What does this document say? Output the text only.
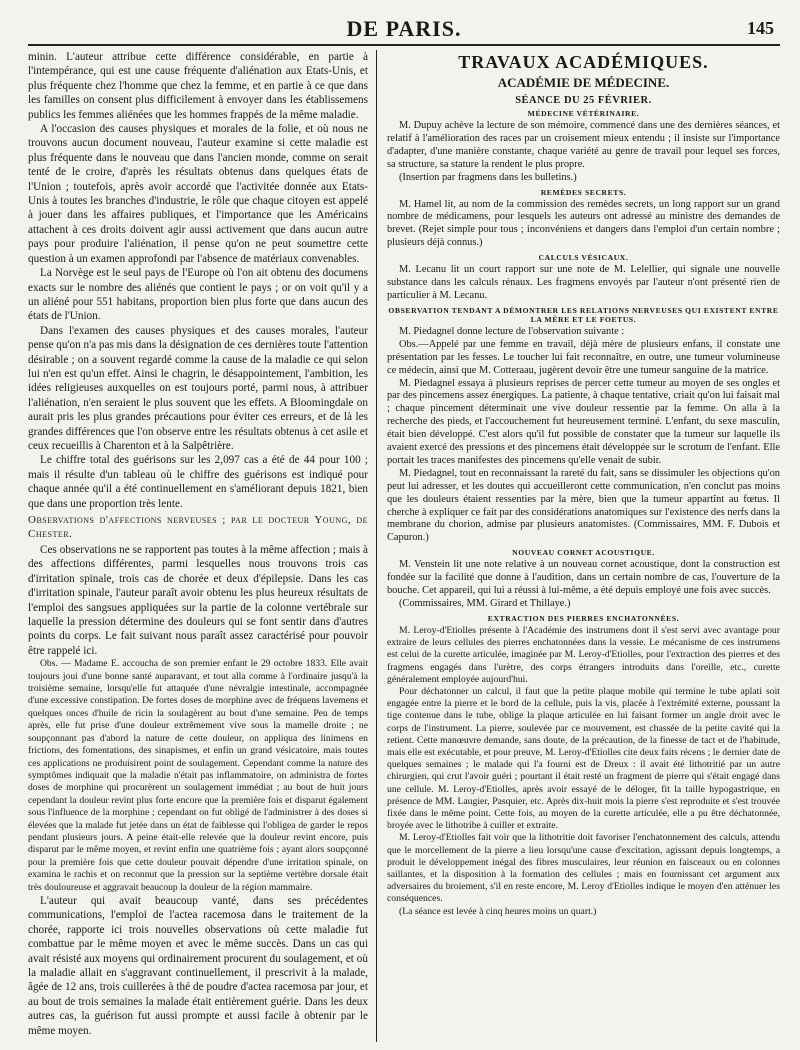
DE PARIS.	145

minin. L'auteur attribue cette différence considérable, en partie à l'intempérance, qui est une cause fréquente d'aliénation aux Etats-Unis, et plus fréquente chez l'homme que chez la femme, et en partie à ce que dans les familles on consent plus difficilement à envoyer dans les établissemens publics les femmes aliénées que les hommes frappés de la même maladie.

A l'occasion des causes physiques et morales de la folie, et où nous ne trouvons aucun document nouveau, l'auteur examine si cette maladie est plus fréquente dans le nouveau que dans l'ancien monde, comme on serait tenté de le croire, d'après les résultats obtenus dans quelques états de l'Union ; toutefois, après avoir accordé que l'activitée donnée aux Etats-Unis à toutes les branches d'industrie, le rôle que chaque citoyen est appelé à jouer dans les affaires publiques, et l'importance que les Américains attachent à ces droits doivent agir aussi activement que dans aucun autre pays pour produire l'aliénation, il pense qu'on ne peut soumettre cette question à un examen approfondi par l'absence de matériaux convenables.

La Norvège est le seul pays de l'Europe où l'on ait obtenu des documens exacts sur le nombre des aliénés que contient le pays ; or on voit qu'il y a un aliéné pour 551 habitans, proportion bien plus forte que dans aucun des états de l'Union.

Dans l'examen des causes physiques et des causes morales, l'auteur pense qu'on n'a pas mis dans la désignation de ces dernières toute l'attention désirable ; on a souvent regardé comme la cause de la maladie ce qui selon lui n'en est qu'un effet. Ainsi le chagrin, le désappointement, l'ambition, les idées religieuses auxquelles on est toujours porté, parmi nous, à attribuer l'aliénation, n'en seraient le plus souvent que les effets. A Bloomingdale on aurait pris les plus grandes précautions pour éviter ces erreurs, et de là les grandes différences que l'on observe entre les résultats obtenus à cet asile et ceux recueillis à Charenton et à la Salpêtrière.

Le chiffre total des guérisons sur les 2,097 cas a été de 44 pour 100 ; mais il résulte d'un tableau où le chiffre des guérisons est indiqué pour chaque année qu'il a été continuellement en s'améliorant depuis 1821, bien que dans une proportion très lente.

Observations d'affections nerveuses ; par le docteur Young, de Chester.

Ces observations ne se rapportent pas toutes à la même affection ; mais à des affections différentes, parmi lesquelles nous trouvons trois cas d'irritation spinale, trois cas de chorée et deux d'épilepsie. Dans les cas d'irritation spinale, l'auteur paraît avoir obtenu les plus heureux résultats de l'emploi des sangsues appliquées sur la partie de la colonne vertébrale sur laquelle la pression détermine des douleurs qui se font sentir dans d'autres points du corps. Le fait suivant nous paraît assez caractérisé pour pouvoir être rappelé ici.

Obs. — Madame E. accoucha de son premier enfant le 29 octobre 1833. Elle avait toujours joui d'une bonne santé auparavant, et tout alla comme à l'ordinaire jusqu'à la troisième semaine, lorsqu'elle fut attaquée d'une névralgie intestinale, accompagnée d'une excessive constipation. De fortes doses de morphine avec de fréquens lavemens et quelques onces d'huile de ricin la soulagèrent au bout d'une semaine. Peu de temps après, elle fut prise d'une douleur extrêmement vive sous la mamelle droite ; ne soupçonnant pas d'abord la nature de cette douleur, on appliqua des linimens en frictions, des fomentations, des sinapismes, et enfin un grand vésicatoire, mais toutes ces applications ne produisirent point de soulagement. Cependant comme la nature des symptômes indiquait que la maladie n'était pas inflammatoire, on administra de fortes doses de morphine qui procurèrent un soulagement immédiat ; au bout de huit jours cependant la douleur revint plus forte encore que la première fois et disparut également sous l'influence de la morphine ; cependant on fut obligé de l'administrer à des doses si élevées que la malade fut jetée dans un état de faiblesse qui l'obligea de garder le repos pendant plusieurs jours. A peine était-elle relevée que la douleur revint encore, puis disparut par le même moyen, et revint enfin une quatrième fois ; ayant alors soupçonné pour la première fois que cette douleur pouvait dépendre d'une irritation spinale, on examina le rachis et on reconnut que la pression sur la septième vertèbre dorsale était très douloureuse et aggravait beaucoup la douleur de la région mammaire.

L'auteur qui avait beaucoup vanté, dans ses précédentes communications, l'emploi de l'actea racemosa dans le traitement de la chorée, rapporte ici trois nouvelles observations où cette maladie fut combattue par le même moyen et avec le même succès. Dans un cas qui avait résisté aux moyens qui ordinairement procurent du soulagement, et où la maladie allait en s'aggravant continuellement, il prescrivit à la malade, âgée de 12 ans, trois cuillerées à thé de poudre d'actea racemosa par jour, et au bout de trois semaines la malade était entièrement guérie. Dans les deux autres cas, la guérison fut aussi prompte et aussi facile à obtenir par le même moyen.

TRAVAUX ACADÉMIQUES.
ACADÉMIE DE MÉDECINE.
SÉANCE DU 25 FÉVRIER.
MÉDECINE VÉTÉRINAIRE.

M. Dupuy achève la lecture de son mémoire, commencé dans une des dernières séances, et relatif à l'amélioration des races par un croisement mieux entendu ; il insiste sur l'importance d'adapter, d'une manière constante, chaque variété au genre de travail pour lequel ses forces, sa structure, sa stature la rendent le plus propre.

(Insertion par fragmens dans les bulletins.)

REMÈDES SECRETS.

M. Hamel lit, au nom de la commission des remèdes secrets, un long rapport sur un grand nombre de médicamens, pour lesquels les auteurs ont adressé au ministre des demandes de brevet. (Rejet simple pour tous ; inconvéniens et dangers dans l'emploi d'un certain nombre ; plusieurs déjà connus.)

CALCULS VÉSICAUX.

M. Lecanu lit un court rapport sur une note de M. Lelellier, qui signale une nouvelle substance dans les calculs rénaux. Les fragmens envoyés par l'auteur n'ont présenté rien de particulier à M. Lecanu.

OBSERVATION TENDANT A DÉMONTRER LES RELATIONS NERVEUSES QUI EXISTENT ENTRE LA MÈRE ET LE FOETUS.

M. Piedagnel donne lecture de l'observation suivante :

Obs.—Appelé par une femme en travail, déjà mère de plusieurs enfans, il constate une présentation par les fesses. Le toucher lui fait reconnaître, en outre, une tumeur volumineuse ce médecin, ainsi que M. Cotteraau, jugèrent devoir être une tumeur sanguine de la matrice.

M. Piedagnel essaya à plusieurs reprises de percer cette tumeur au moyen de ses ongles et par des pincemens assez énergiques. La patiente, à chaque tentative, criait qu'on lui faisait mal ; chaque pincement déterminait une vive douleur ressentie par la femme. On alla à la recherche des pieds, et l'accouchement fut heureusement terminé. L'enfant, du sexe masculin, était bien développé. C'est alors qu'il fut possible de constater que la tumeur sur laquelle ils avaient exercé des pressions et des pincemens était développée sur le scrotum de l'enfant. Elle portait les traces manifestes des pincemens qu'elle venait de subir.

M. Piedagnel, tout en reconnaissant la rareté du fait, sans se dissimuler les objections qu'on peut lui adresser, et les doutes qui accueilleront cette communication, n'en conclut pas moins que les douleurs étaient ressenties par la mère, bien que la tumeur appartînt au fœtus. Il cherche à expliquer ce fait par des considérations anatomiques sur l'existence des nerfs dans la membrane du chorion, admise par plusieurs anatomistes. (Commissaires, MM. F. Dubois et Capuron.)

NOUVEAU CORNET ACOUSTIQUE.

M. Venstein lit une note relative à un nouveau cornet acoustique, dont la construction est fondée sur la facilité que donne à l'audition, dans un certain nombre de cas, l'ouverture de la bouche. Cet appareil, qui lui a réussi à lui-même, a été depuis employé une fois avec succès.

(Commissaires, MM. Girard et Thillaye.)

EXTRACTION DES PIERRES ENCHATONNÉES.

M. Leroy-d'Etiolles présente à l'Académie des instrumens dont il s'est servi avec avantage pour extraire de leurs cellules des pierres enchatonnées dans la vessie. Le mécanisme de ces instrumens est celui de la curette articulée, imaginée par M. Leroy-d'Etiolles, pour l'extraction des pierres et des fragmens engagés dans l'urètre, des corps étrangers introduits dans l'oreille, etc., curette généralement employée aujourd'hui.

Pour déchatonner un calcul, il faut que la petite plaque mobile qui termine le tube aplati soit engagée entre la pierre et le bord de la cellule, puis la vis, placée à l'extrémité externe, poussant la tige contenue dans le tube, oblige la plaque articulée en lui faisant former un angle droit avec le corps de l'instrument. La pierre, soulevée par ce mouvement, est chassée de la petite cavité qui la retient. Cette manœuvre demande, sans doute, de la précaution, de la finesse de tact et de l'habitude, mais elle est exécutable, et pour preuve, M. Leroy-d'Etiolles cite deux faits récens ; le dernier date de quelques semaines ; le malade qui l'a fourni est de Dreux : il avait été lithotritié par un autre chirurgien, qui crut l'avoir guéri ; pourtant il était resté un fragment de pierre qui s'était engagé dans une cellule. M. Leroy-d'Etiolles, après avoir essayé de le déloger, fit la taille hypogastrique, en présence de MM. Laugier, Pasquier, etc. Après dix-huit mois la pierre s'est reproduite et s'est trouvée fixée dans le même point. Cette fois, au moyen de la curette articulée, elle a pu être déchatonnée, broyée avec le lithotribe à cuiller et extraite.

M. Leroy-d'Etiolles fait voir que la lithotritie doit favoriser l'enchatonnement des calculs, attendu que le morcellement de la pierre a lieu lorsqu'une cause d'excitation, agissant depuis longtemps, a produit le développement inégal des fibres musculaires, leur réunion en faisceaux ou en colonnes saillantes, et la disposition à la formation des cellules ; mais en fournissant cet argument aux adversaires du broiement, s'il en reste encore, M. Leroy d'Etiolles indique le moyen d'en atténuer les conséquences.

(La séance est levée à cinq heures moins un quart.)
